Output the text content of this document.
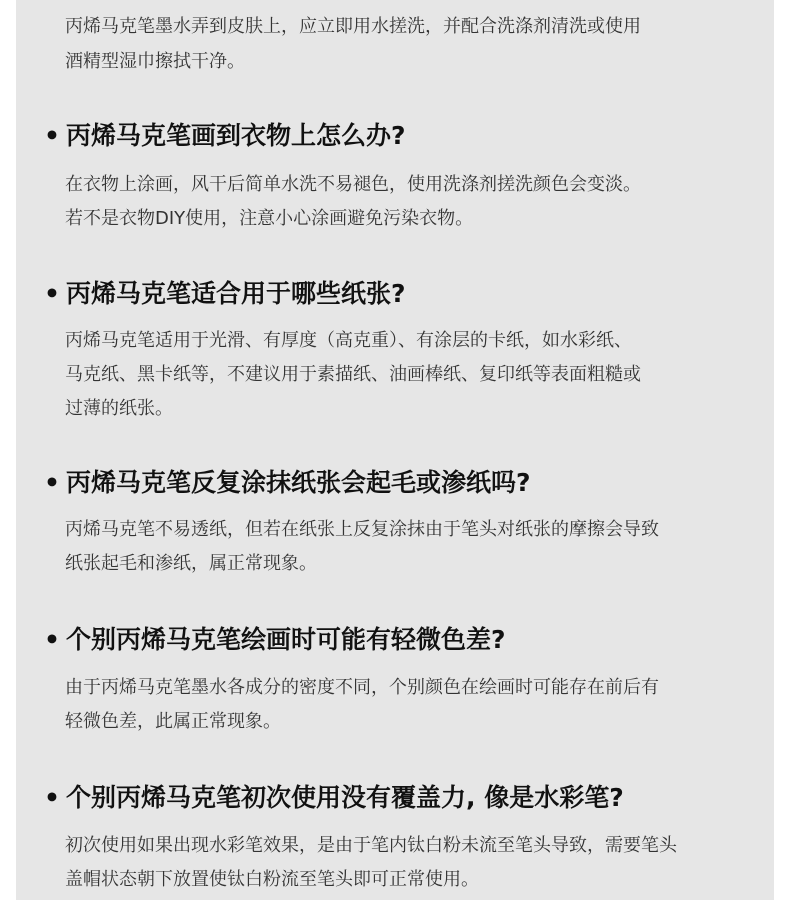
丙烯马克笔墨水弄到皮肤上，应立即用水搓洗，并配合洗涤剂清洗或使用

酒精型湿巾擦拭干净。

• 丙烯马克笔画到衣物上怎么办?

在衣物上涂画，风干后简单水洗不易褪色，使用洗涤剂搓洗颜色会变淡。

若不是衣物DIY使用，注意小心涂画避免污染衣物。

• 丙烯马克笔适合用于哪些纸张?

丙烯马克笔适用于光滑、有厚度（高克重）、有涂层的卡纸，如水彩纸、

马克纸、黑卡纸等，不建议用于素描纸、油画棒纸、复印纸等表面粗糙或

过薄的纸张。

• 丙烯马克笔反复涂抹纸张会起毛或渗纸吗?

丙烯马克笔不易透纸，但若在纸张上反复涂抹由于笔头对纸张的摩擦会导致

纸张起毛和渗纸，属正常现象。

• 个别丙烯马克笔绘画时可能有轻微色差?

由于丙烯马克笔墨水各成分的密度不同，个别颜色在绘画时可能存在前后有

轻微色差，此属正常现象。

• 个别丙烯马克笔初次使用没有覆盖力, 像是水彩笔?

初次使用如果出现水彩笔效果，是由于笔内钛白粉未流至笔头导致，需要笔头

盖帽状态朝下放置使钛白粉流至笔头即可正常使用。
